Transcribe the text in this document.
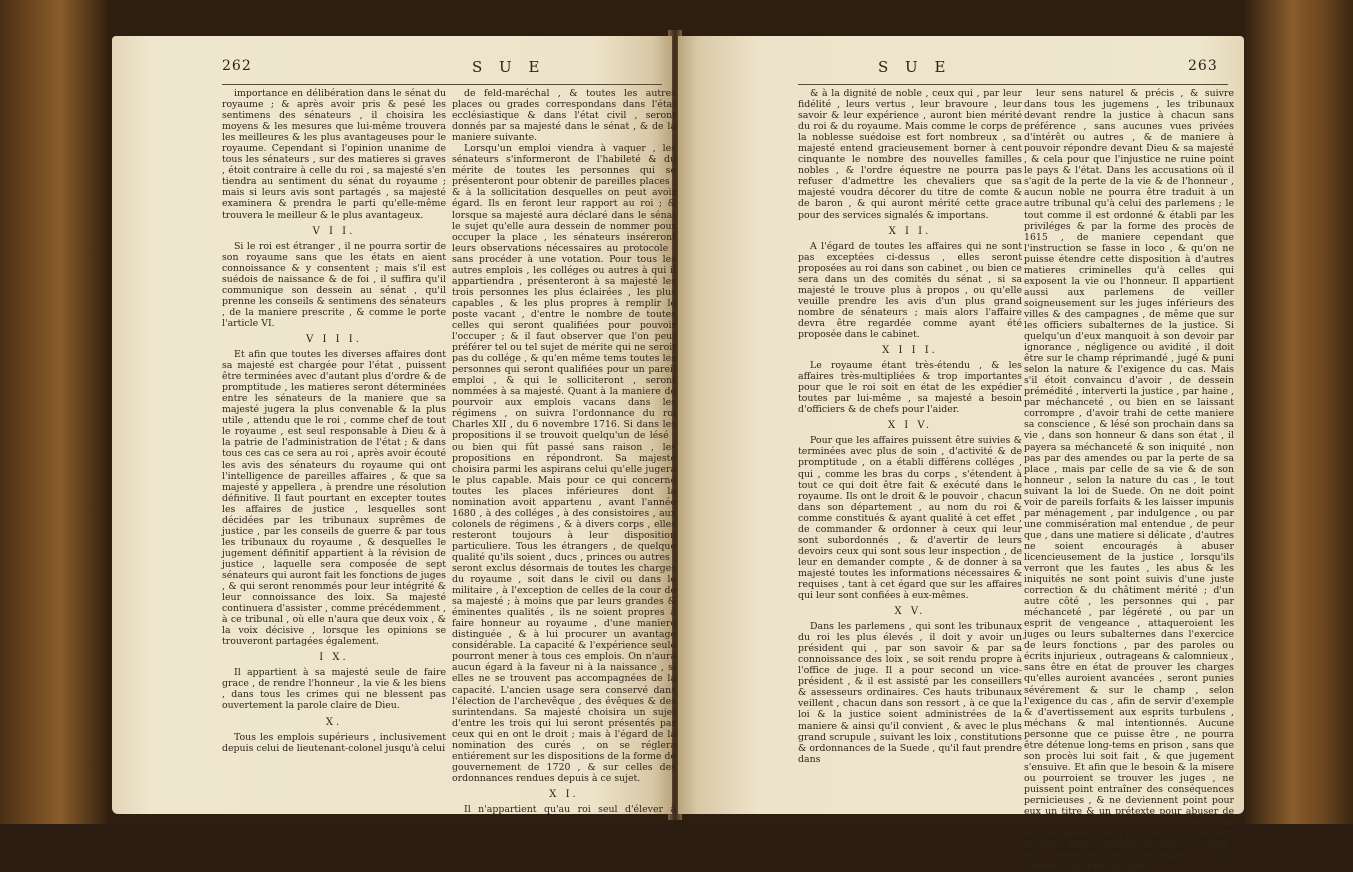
262	S U E

importance en délibération dans le sénat du royaume ; & après avoir pris & pesé les sentimens des sénateurs , il choisira les moyens & les mesures que lui-même trouvera les meilleures & les plus avantageuses pour le royaume. Cependant si l'opinion unanime de tous les sénateurs , sur des matieres si graves , étoit contraire à celle du roi , sa majesté s'en tiendra au sentiment du sénat du royaume ; mais si leurs avis sont partagés , sa majesté examinera & prendra le parti qu'elle-même trouvera le meilleur & le plus avantageux.

V I I.

Si le roi est étranger , il ne pourra sortir de son royaume sans que les états en aient connoissance & y consentent ; mais s'il est suédois de naissance & de foi , il suffira qu'il communique son dessein au sénat , qu'il prenne les conseils & sentimens des sénateurs , de la maniere prescrite , & comme le porte l'article VI.

V I I I.

Et afin que toutes les diverses affaires dont sa majesté est chargée pour l'état , puissent être terminées avec d'autant plus d'ordre & de promptitude , les matieres seront déterminées entre les sénateurs de la maniere que sa majesté jugera la plus convenable & la plus utile , attendu que le roi , comme chef de tout le royaume , est seul responsable à Dieu & à la patrie de l'administration de l'état ; & dans tous ces cas ce sera au roi , après avoir écouté les avis des sénateurs du royaume qui ont l'intelligence de pareilles affaires , & que sa majesté y appellera , à prendre une résolution définitive. Il faut pourtant en excepter toutes les affaires de justice , lesquelles sont décidées par les tribunaux suprêmes de justice , par les conseils de guerre & par tous les tribunaux du royaume , & desquelles le jugement définitif appartient à la révision de justice , laquelle sera composée de sept sénateurs qui auront fait les fonctions de juges , & qui seront renommés pour leur intégrité & leur connoissance des loix. Sa majesté continuera d'assister , comme précédemment , à ce tribunal , où elle n'aura que deux voix , & la voix décisive , lorsque les opinions se trouveront partagées également.

I X.

Il appartient à sa majesté seule de faire grace , de rendre l'honneur , la vie & les biens , dans tous les crimes qui ne blessent pas ouvertement la parole claire de Dieu.

X.

Tous les emplois supérieurs , inclusivement depuis celui de lieutenant-colonel jusqu'à celui

de feld-maréchal , & toutes les autres places ou grades correspondans dans l'état ecclésiastique & dans l'état civil , seront donnés par sa majesté dans le sénat , & de la maniere suivante.

Lorsqu'un emploi viendra à vaquer , les sénateurs s'informeront de l'habileté & du mérite de toutes les personnes qui se présenteront pour obtenir de pareilles places , & à la sollicitation desquelles on peut avoir égard. Ils en feront leur rapport au roi ; & lorsque sa majesté aura déclaré dans le sénat le sujet qu'elle aura dessein de nommer pour occuper la place , les sénateurs inséreront leurs observations nécessaires au protocole , sans procéder à une votation. Pour tous les autres emplois , les colléges ou autres à qui il appartiendra , présenteront à sa majesté les trois personnes les plus éclairées , les plus capables , & les plus propres à remplir le poste vacant , d'entre le nombre de toutes celles qui seront qualifiées pour pouvoir l'occuper ; & il faut observer que l'on peut préférer tel ou tel sujet de mérite qui ne seroit pas du collége , & qu'en même tems toutes les personnes qui seront qualifiées pour un pareil emploi , & qui le solliciteront , seront nommées à sa majesté. Quant à la maniere de pourvoir aux emplois vacans dans les régimens , on suivra l'ordonnance du roi Charles XII , du 6 novembre 1716. Si dans les propositions il se trouvoit quelqu'un de lésé , ou bien qui fût passé sans raison , les propositions en répondront. Sa majesté choisira parmi les aspirans celui qu'elle jugera le plus capable. Mais pour ce qui concerne toutes les places inférieures dont la nomination avoit appartenu , avant l'année 1680 , à des colléges , à des consistoires , aux colonels de régimens , & à divers corps , elles resteront toujours à leur disposition particuliere. Tous les étrangers , de quelque qualité qu'ils soient , ducs , princes ou autres , seront exclus désormais de toutes les charges du royaume , soit dans le civil ou dans le militaire , à l'exception de celles de la cour de sa majesté ; à moins que par leurs grandes & éminentes qualités , ils ne soient propres à faire honneur au royaume , d'une maniere distinguée , & à lui procurer un avantage considérable. La capacité & l'expérience seule pourront mener à tous ces emplois. On n'aura aucun égard à la faveur ni à la naissance , si elles ne se trouvent pas accompagnées de la capacité. L'ancien usage sera conservé dans l'élection de l'archevêque , des évêques & des surintendans. Sa majesté choisira un sujet d'entre les trois qui lui seront présentés par ceux qui en ont le droit ; mais à l'égard de la nomination des curés , on se réglera entiérement sur les dispositions de la forme de gouvernement de 1720 , & sur celles des ordonnances rendues depuis à ce sujet.

X I.

Il n'appartient qu'au roi seul d'élever à l'état ,

S U E	263

& à la dignité de noble , ceux qui , par leur fidélité , leurs vertus , leur bravoure , leur savoir & leur expérience , auront bien mérité du roi & du royaume. Mais comme le corps de la noblesse suédoise est fort nombreux , sa majesté entend gracieusement borner à cent cinquante le nombre des nouvelles familles nobles , & l'ordre équestre ne pourra pas refuser d'admettre les chevaliers que sa majesté voudra décorer du titre de comte & de baron , & qui auront mérité cette grace pour des services signalés & importans.

X I I.

A l'égard de toutes les affaires qui ne sont pas exceptées ci-dessus , elles seront proposées au roi dans son cabinet , ou bien ce sera dans un des comités du sénat , si sa majesté le trouve plus à propos , ou qu'elle veuille prendre les avis d'un plus grand nombre de sénateurs ; mais alors l'affaire devra être regardée comme ayant été proposée dans le cabinet.

X I I I.

Le royaume étant très-étendu , & les affaires très-multipliées & trop importantes pour que le roi soit en état de les expédier toutes par lui-même , sa majesté a besoin d'officiers & de chefs pour l'aider.

X I V.

Pour que les affaires puissent être suivies & terminées avec plus de soin , d'activité & de promptitude , on a établi différens colléges , qui , comme les bras du corps , s'étendent à tout ce qui doit être fait & exécuté dans le royaume. Ils ont le droit & le pouvoir , chacun dans son département , au nom du roi & comme constitués & ayant qualité à cet effet , de commander & ordonner à ceux qui leur sont subordonnés , & d'avertir de leurs devoirs ceux qui sont sous leur inspection , de leur en demander compte , & de donner à sa majesté toutes les informations nécessaires & requises , tant à cet égard que sur les affaires qui leur sont confiées à eux-mêmes.

X V.

Dans les parlemens , qui sont les tribunaux du roi les plus élevés , il doit y avoir un président qui , par son savoir & par sa connoissance des loix , se soit rendu propre à l'office de juge. Il a pour second un vice-président , & il est assisté par les conseillers & assesseurs ordinaires. Ces hauts tribunaux veillent , chacun dans son ressort , à ce que la loi & la justice soient administrées de la maniere & ainsi qu'il convient , & avec le plus grand scrupule , suivant les loix , constitutions & ordonnances de la Suede , qu'il faut prendre dans

leur sens naturel & précis , & suivre dans tous les jugemens , les tribunaux devant rendre la justice à chacun sans préférence , sans aucunes vues privées d'intérêt ou autres , & de maniere à pouvoir répondre devant Dieu & sa majesté , & cela pour que l'injustice ne ruine point le pays & l'état. Dans les accusations où il s'agit de la perte de la vie & de l'honneur , aucun noble ne pourra être traduit à un autre tribunal qu'à celui des parlemens ; le tout comme il est ordonné & établi par les priviléges & par la forme des procès de 1615 , de maniere cependant que l'instruction se fasse in loco , & qu'on ne puisse étendre cette disposition à d'autres matieres criminelles qu'à celles qui exposent la vie ou l'honneur. Il appartient aussi aux parlemens de veiller soigneusement sur les juges inférieurs des villes & des campagnes , de même que sur les officiers subalternes de la justice. Si quelqu'un d'eux manquoit à son devoir par ignorance , négligence ou avidité , il doit être sur le champ réprimandé , jugé & puni selon la nature & l'exigence du cas. Mais s'il étoit convaincu d'avoir , de dessein prémédité , interverti la justice , par haine , par méchanceté , ou bien en se laissant corrompre , d'avoir trahi de cette maniere sa conscience , & lésé son prochain dans sa vie , dans son honneur & dans son état , il payera sa méchanceté & son iniquité , non pas par des amendes ou par la perte de sa place , mais par celle de sa vie & de son honneur , selon la nature du cas , le tout suivant la loi de Suede. On ne doit point voir de pareils forfaits & les laisser impunis par ménagement , par indulgence , ou par une commisération mal entendue , de peur que , dans une matiere si délicate , d'autres ne soient encouragés à abuser licencieusement de la justice , lorsqu'ils verront que les fautes , les abus & les iniquités ne sont point suivis d'une juste correction & du châtiment mérité ; d'un autre côté , les personnes qui , par méchanceté , par légéreté , ou par un esprit de vengeance , attaqueroient les juges ou leurs subalternes dans l'exercice de leurs fonctions , par des paroles ou écrits injurieux , outrageans & calomnieux , sans être en état de prouver les charges qu'elles auroient avancées , seront punies sévérement & sur le champ , selon l'exigence du cas , afin de servir d'exemple & d'avertissement aux esprits turbulens , méchans & mal intentionnés. Aucune personne que ce puisse être , ne pourra être détenue long-tems en prison , sans que son procès lui soit fait , & que jugement s'ensuive. Et afin que le besoin & la misere ou pourroient se trouver les juges , ne puissent point entraîner des conséquences pernicieuses , & ne deviennent point pour eux un titre & un prétexte pour abuser de leurs places , tous les deniers accordés par les communes , pour le salaire & l'entretien de leurs divers officiers de justice , seront , en conformité de l'assurance du roi Gustave-Adolphe de l'année
